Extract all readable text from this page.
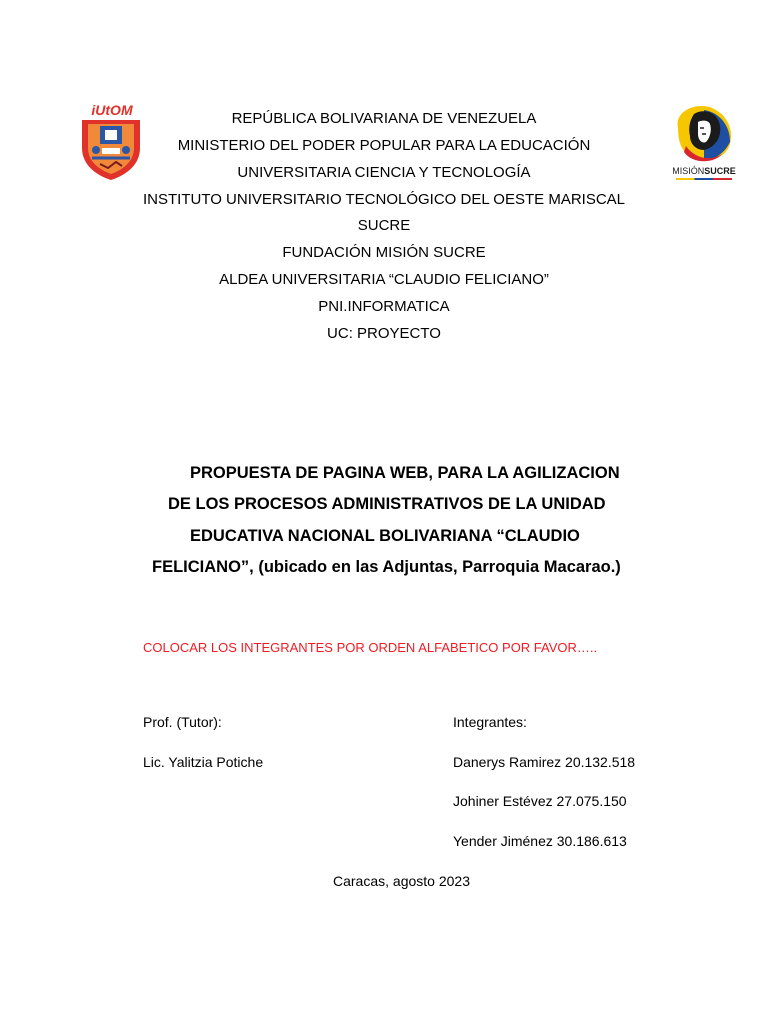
iUtOM
MISIÓNSUCRE
REPÚBLICA BOLIVARIANA DE VENEZUELA
MINISTERIO DEL PODER POPULAR PARA LA EDUCACIÓN
UNIVERSITARIA CIENCIA Y TECNOLOGÍA
INSTITUTO UNIVERSITARIO TECNOLÓGICO DEL OESTE MARISCAL
SUCRE
FUNDACIÓN MISIÓN SUCRE
ALDEA UNIVERSITARIA “CLAUDIO FELICIANO”
PNI.INFORMATICA
UC: PROYECTO
PROPUESTA DE PAGINA WEB, PARA LA AGILIZACION
DE LOS PROCESOS ADMINISTRATIVOS DE LA UNIDAD
EDUCATIVA NACIONAL BOLIVARIANA “CLAUDIO
FELICIANO”, (ubicado en las Adjuntas, Parroquia Macarao.)
COLOCAR LOS INTEGRANTES POR ORDEN ALFABETICO POR FAVOR…..
Prof. (Tutor):
Lic. Yalitzia Potiche
Integrantes:
Danerys Ramirez 20.132.518
Johiner Estévez 27.075.150
Yender Jiménez 30.186.613
Caracas, agosto 2023
